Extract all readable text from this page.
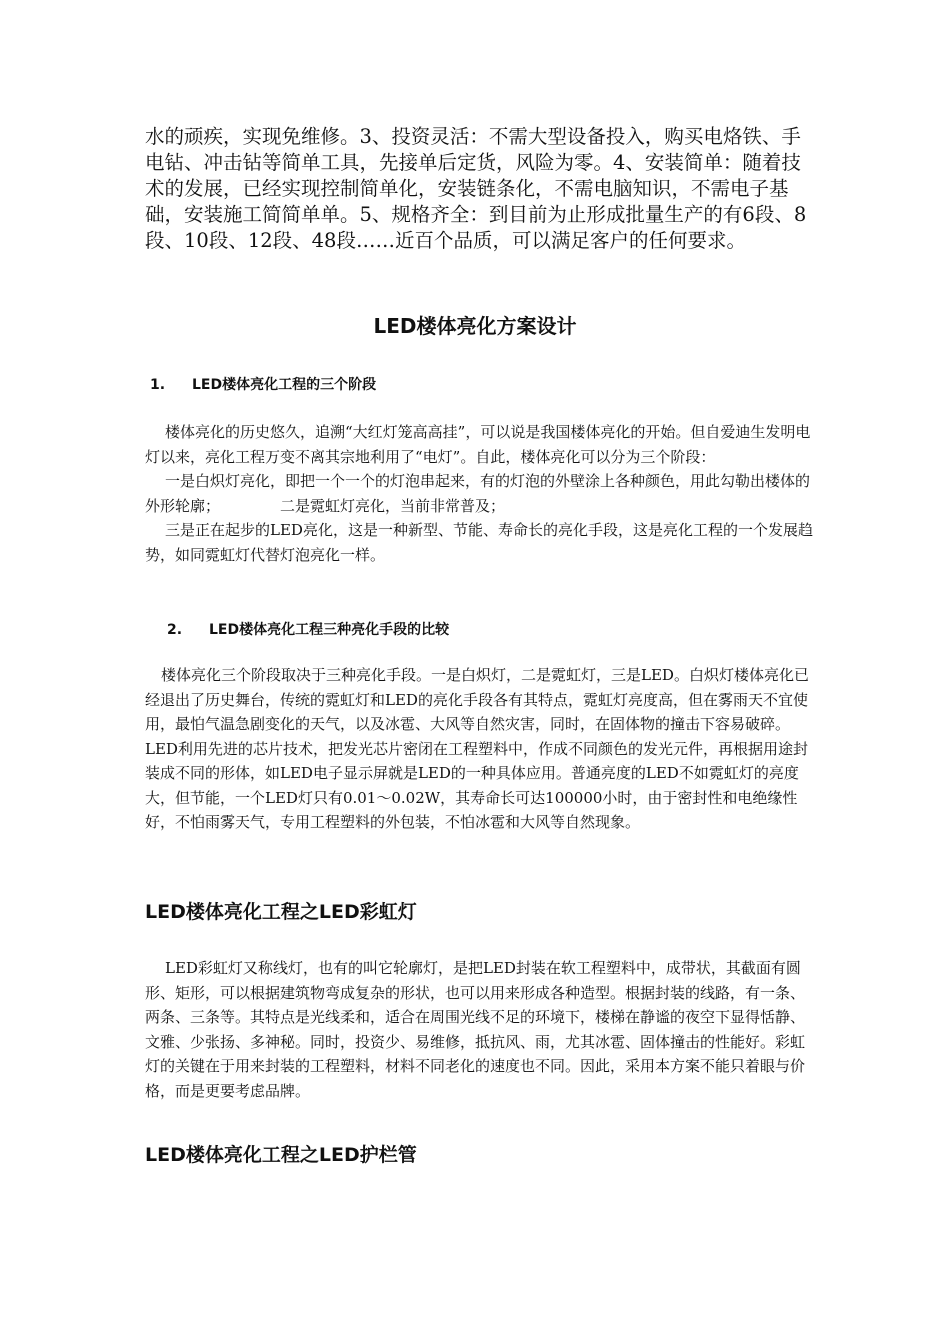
水的顽疾，实现免维修。3、投资灵活：不需大型设备投入，购买电烙铁、手电钻、冲击钻等简单工具，先接单后定货，风险为零。4、安装简单：随着技术的发展，已经实现控制简单化，安装链条化，不需电脑知识，不需电子基础，安装施工简简单单。5、规格齐全：到目前为止形成批量生产的有6段、8段、10段、12段、48段……近百个品质，可以满足客户的任何要求。
LED楼体亮化方案设计
1. LED楼体亮化工程的三个阶段
楼体亮化的历史悠久，追溯“大红灯笼高高挂”，可以说是我国楼体亮化的开始。但自爱迪生发明电灯以来，亮化工程万变不离其宗地利用了“电灯”。自此，楼体亮化可以分为三个阶段：
一是白炽灯亮化，即把一个一个的灯泡串起来，有的灯泡的外壁涂上各种颜色，用此勾勒出楼体的外形轮廓；	二是霓虹灯亮化，当前非常普及；
三是正在起步的LED亮化，这是一种新型、节能、寿命长的亮化手段，这是亮化工程的一个发展趋势，如同霓虹灯代替灯泡亮化一样。
2. LED楼体亮化工程三种亮化手段的比较
楼体亮化三个阶段取决于三种亮化手段。一是白炽灯，二是霓虹灯，三是LED。白炽灯楼体亮化已经退出了历史舞台，传统的霓虹灯和LED的亮化手段各有其特点，霓虹灯亮度高，但在雾雨天不宜使用，最怕气温急剧变化的天气，以及冰雹、大风等自然灾害，同时，在固体物的撞击下容易破碎。LED利用先进的芯片技术，把发光芯片密闭在工程塑料中，作成不同颜色的发光元件，再根据用途封装成不同的形体，如LED电子显示屏就是LED的一种具体应用。普通亮度的LED不如霓虹灯的亮度大，但节能，一个LED灯只有0.01～0.02W，其寿命长可达100000小时，由于密封性和电绝缘性好，不怕雨雾天气，专用工程塑料的外包装，不怕冰雹和大风等自然现象。
LED楼体亮化工程之LED彩虹灯
LED彩虹灯又称线灯，也有的叫它轮廓灯，是把LED封装在软工程塑料中，成带状，其截面有圆形、矩形，可以根据建筑物弯成复杂的形状，也可以用来形成各种造型。根据封装的线路，有一条、两条、三条等。其特点是光线柔和，适合在周围光线不足的环境下，楼梯在静谧的夜空下显得恬静、文雅、少张扬、多神秘。同时，投资少、易维修，抵抗风、雨，尤其冰雹、固体撞击的性能好。彩虹灯的关键在于用来封装的工程塑料，材料不同老化的速度也不同。因此，采用本方案不能只着眼与价格，而是更要考虑品牌。
LED楼体亮化工程之LED护栏管
